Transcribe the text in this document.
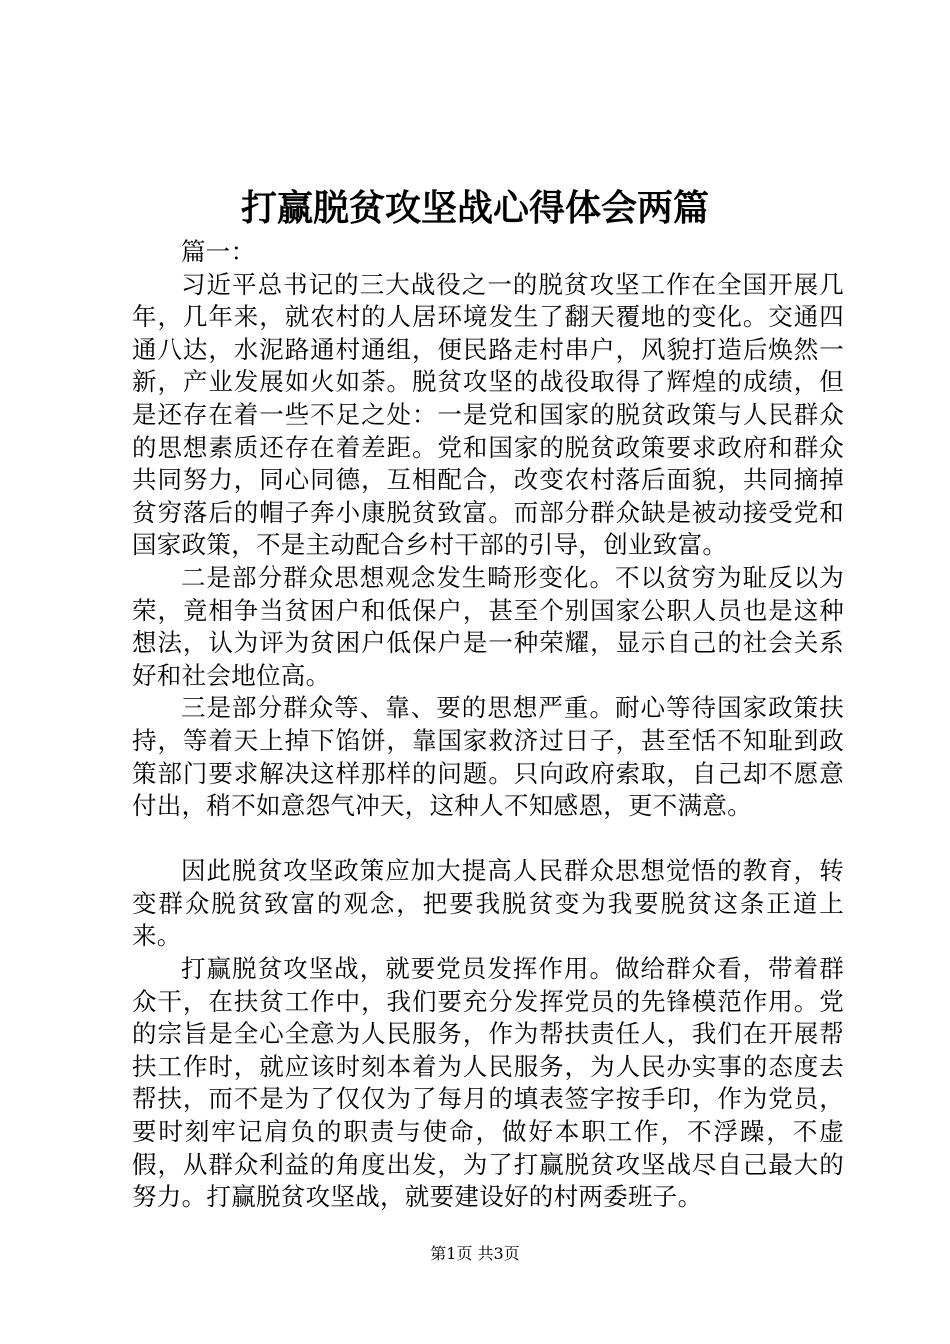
打赢脱贫攻坚战心得体会两篇

篇一：

习近平总书记的三大战役之一的脱贫攻坚工作在全国开展几年，几年来，就农村的人居环境发生了翻天覆地的变化。交通四通八达，水泥路通村通组，便民路走村串户，风貌打造后焕然一新，产业发展如火如荼。脱贫攻坚的战役取得了辉煌的成绩，但是还存在着一些不足之处：一是党和国家的脱贫政策与人民群众的思想素质还存在着差距。党和国家的脱贫政策要求政府和群众共同努力，同心同德，互相配合，改变农村落后面貌，共同摘掉贫穷落后的帽子奔小康脱贫致富。而部分群众缺是被动接受党和国家政策，不是主动配合乡村干部的引导，创业致富。

二是部分群众思想观念发生畸形变化。不以贫穷为耻反以为荣，竟相争当贫困户和低保户，甚至个别国家公职人员也是这种想法，认为评为贫困户低保户是一种荣耀，显示自己的社会关系好和社会地位高。

三是部分群众等、靠、要的思想严重。耐心等待国家政策扶持，等着天上掉下馅饼，靠国家救济过日子，甚至恬不知耻到政策部门要求解决这样那样的问题。只向政府索取，自己却不愿意付出，稍不如意怨气冲天，这种人不知感恩，更不满意。

因此脱贫攻坚政策应加大提高人民群众思想觉悟的教育，转变群众脱贫致富的观念，把要我脱贫变为我要脱贫这条正道上来。

打赢脱贫攻坚战，就要党员发挥作用。做给群众看，带着群众干，在扶贫工作中，我们要充分发挥党员的先锋模范作用。党的宗旨是全心全意为人民服务，作为帮扶责任人，我们在开展帮扶工作时，就应该时刻本着为人民服务，为人民办实事的态度去帮扶，而不是为了仅仅为了每月的填表签字按手印，作为党员，要时刻牢记肩负的职责与使命，做好本职工作，不浮躁，不虚假，从群众利益的角度出发，为了打赢脱贫攻坚战尽自己最大的努力。打赢脱贫攻坚战，就要建设好的村两委班子。

第1页 共3页
